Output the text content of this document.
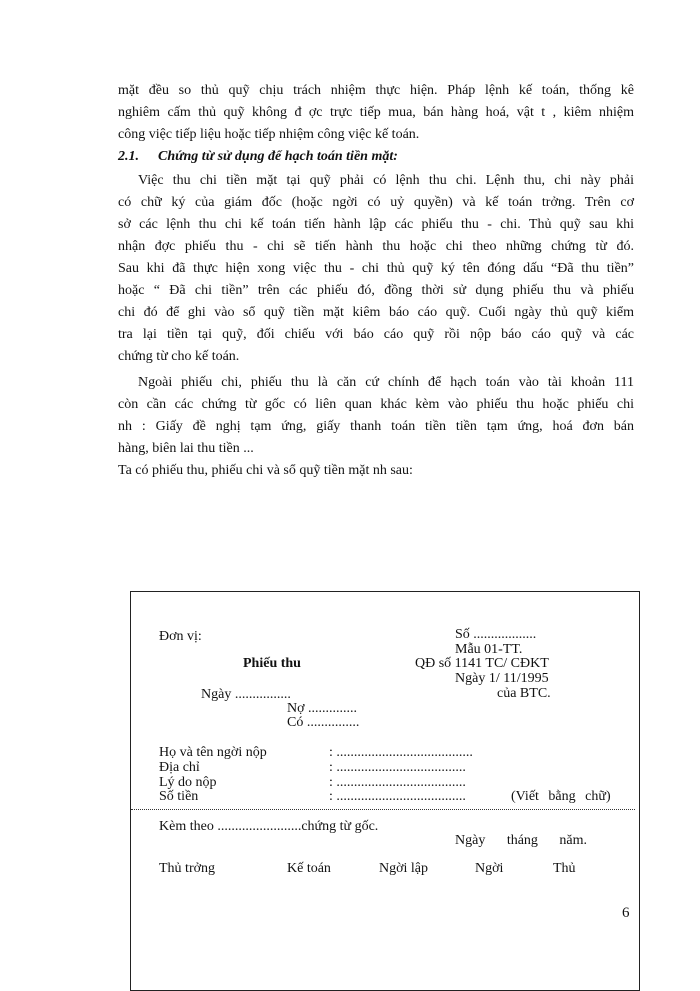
mặt đều so thủ quỹ chịu trách nhiệm thực hiện. Pháp lệnh kế toán, thống kê
nghiêm cấm thủ quỹ không đ ợc trực tiếp mua, bán hàng hoá, vật t , kiêm nhiệm
công việc tiếp liệu hoặc tiếp nhiệm công việc kế toán.
2.1. Chứng từ sử dụng để hạch toán tiền mặt:
Việc thu chi tiền mặt tại quỹ phải có lệnh thu chi. Lệnh thu, chi này phải
có chữ ký của giám đốc (hoặc ngời có uỷ quyền) và kế toán trởng. Trên cơ
sở các lệnh thu chi kế toán tiến hành lập các phiếu thu - chi. Thủ quỹ sau khi
nhận đợc phiếu thu - chi sẽ tiến hành thu hoặc chi theo những chứng từ đó.
Sau khi đã thực hiện xong việc thu - chi thủ quỹ ký tên đóng dấu “Đã thu tiền”
hoặc “ Đã chi tiền” trên các phiếu đó, đồng thời sử dụng phiếu thu và phiếu
chi đó để ghi vào sổ quỹ tiền mặt kiêm báo cáo quỹ. Cuối ngày thủ quỹ kiểm
tra lại tiền tại quỹ, đối chiếu với báo cáo quỹ rồi nộp báo cáo quỹ và các
chứng từ cho kế toán.
Ngoài phiếu chi, phiếu thu là căn cứ chính để hạch toán vào tài khoản 111
còn cần các chứng từ gốc có liên quan khác kèm vào phiếu thu hoặc phiếu chi
nh : Giấy đề nghị tạm ứng, giấy thanh toán tiền tiền tạm ứng, hoá đơn bán
hàng, biên lai thu tiền ...
Ta có phiếu thu, phiếu chi và sổ quỹ tiền mặt nh sau:
Đơn vị:	Số ..................
Mẫu 01-TT.
Phiếu thu	QĐ số 1141 TC/ CĐKT
Ngày 1/ 11/1995
của BTC.
Ngày ................
Nợ ..............
Có ...............
Họ và tên ngời nộp	: .......................................
Địa chỉ	: .....................................
Lý do nộp	: .....................................
Số tiền	: .....................................	(Viết bằng chữ)
Kèm theo ........................chứng từ gốc.
Ngày tháng năm.
Thủ trởng	Kế toán	Ngời lập	Ngời	Thủ
6
